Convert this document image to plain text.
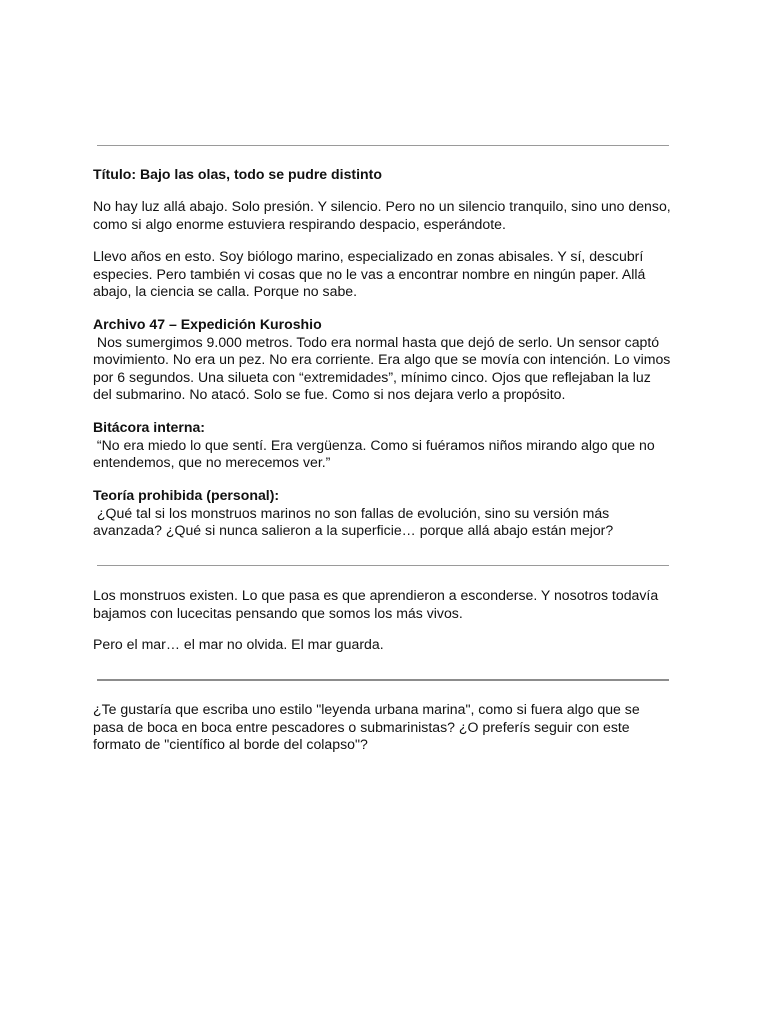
Título: Bajo las olas, todo se pudre distinto
No hay luz allá abajo. Solo presión. Y silencio. Pero no un silencio tranquilo, sino uno denso,
como si algo enorme estuviera respirando despacio, esperándote.
Llevo años en esto. Soy biólogo marino, especializado en zonas abisales. Y sí, descubrí
especies. Pero también vi cosas que no le vas a encontrar nombre en ningún paper. Allá
abajo, la ciencia se calla. Porque no sabe.
Archivo 47 – Expedición Kuroshio
Nos sumergimos 9.000 metros. Todo era normal hasta que dejó de serlo. Un sensor captó
movimiento. No era un pez. No era corriente. Era algo que se movía con intención. Lo vimos
por 6 segundos. Una silueta con “extremidades”, mínimo cinco. Ojos que reflejaban la luz
del submarino. No atacó. Solo se fue. Como si nos dejara verlo a propósito.
Bitácora interna:
“No era miedo lo que sentí. Era vergüenza. Como si fuéramos niños mirando algo que no
entendemos, que no merecemos ver.”
Teoría prohibida (personal):
¿Qué tal si los monstruos marinos no son fallas de evolución, sino su versión más
avanzada? ¿Qué si nunca salieron a la superficie… porque allá abajo están mejor?
Los monstruos existen. Lo que pasa es que aprendieron a esconderse. Y nosotros todavía
bajamos con lucecitas pensando que somos los más vivos.
Pero el mar… el mar no olvida. El mar guarda.
¿Te gustaría que escriba uno estilo "leyenda urbana marina", como si fuera algo que se
pasa de boca en boca entre pescadores o submarinistas? ¿O preferís seguir con este
formato de "científico al borde del colapso"?
